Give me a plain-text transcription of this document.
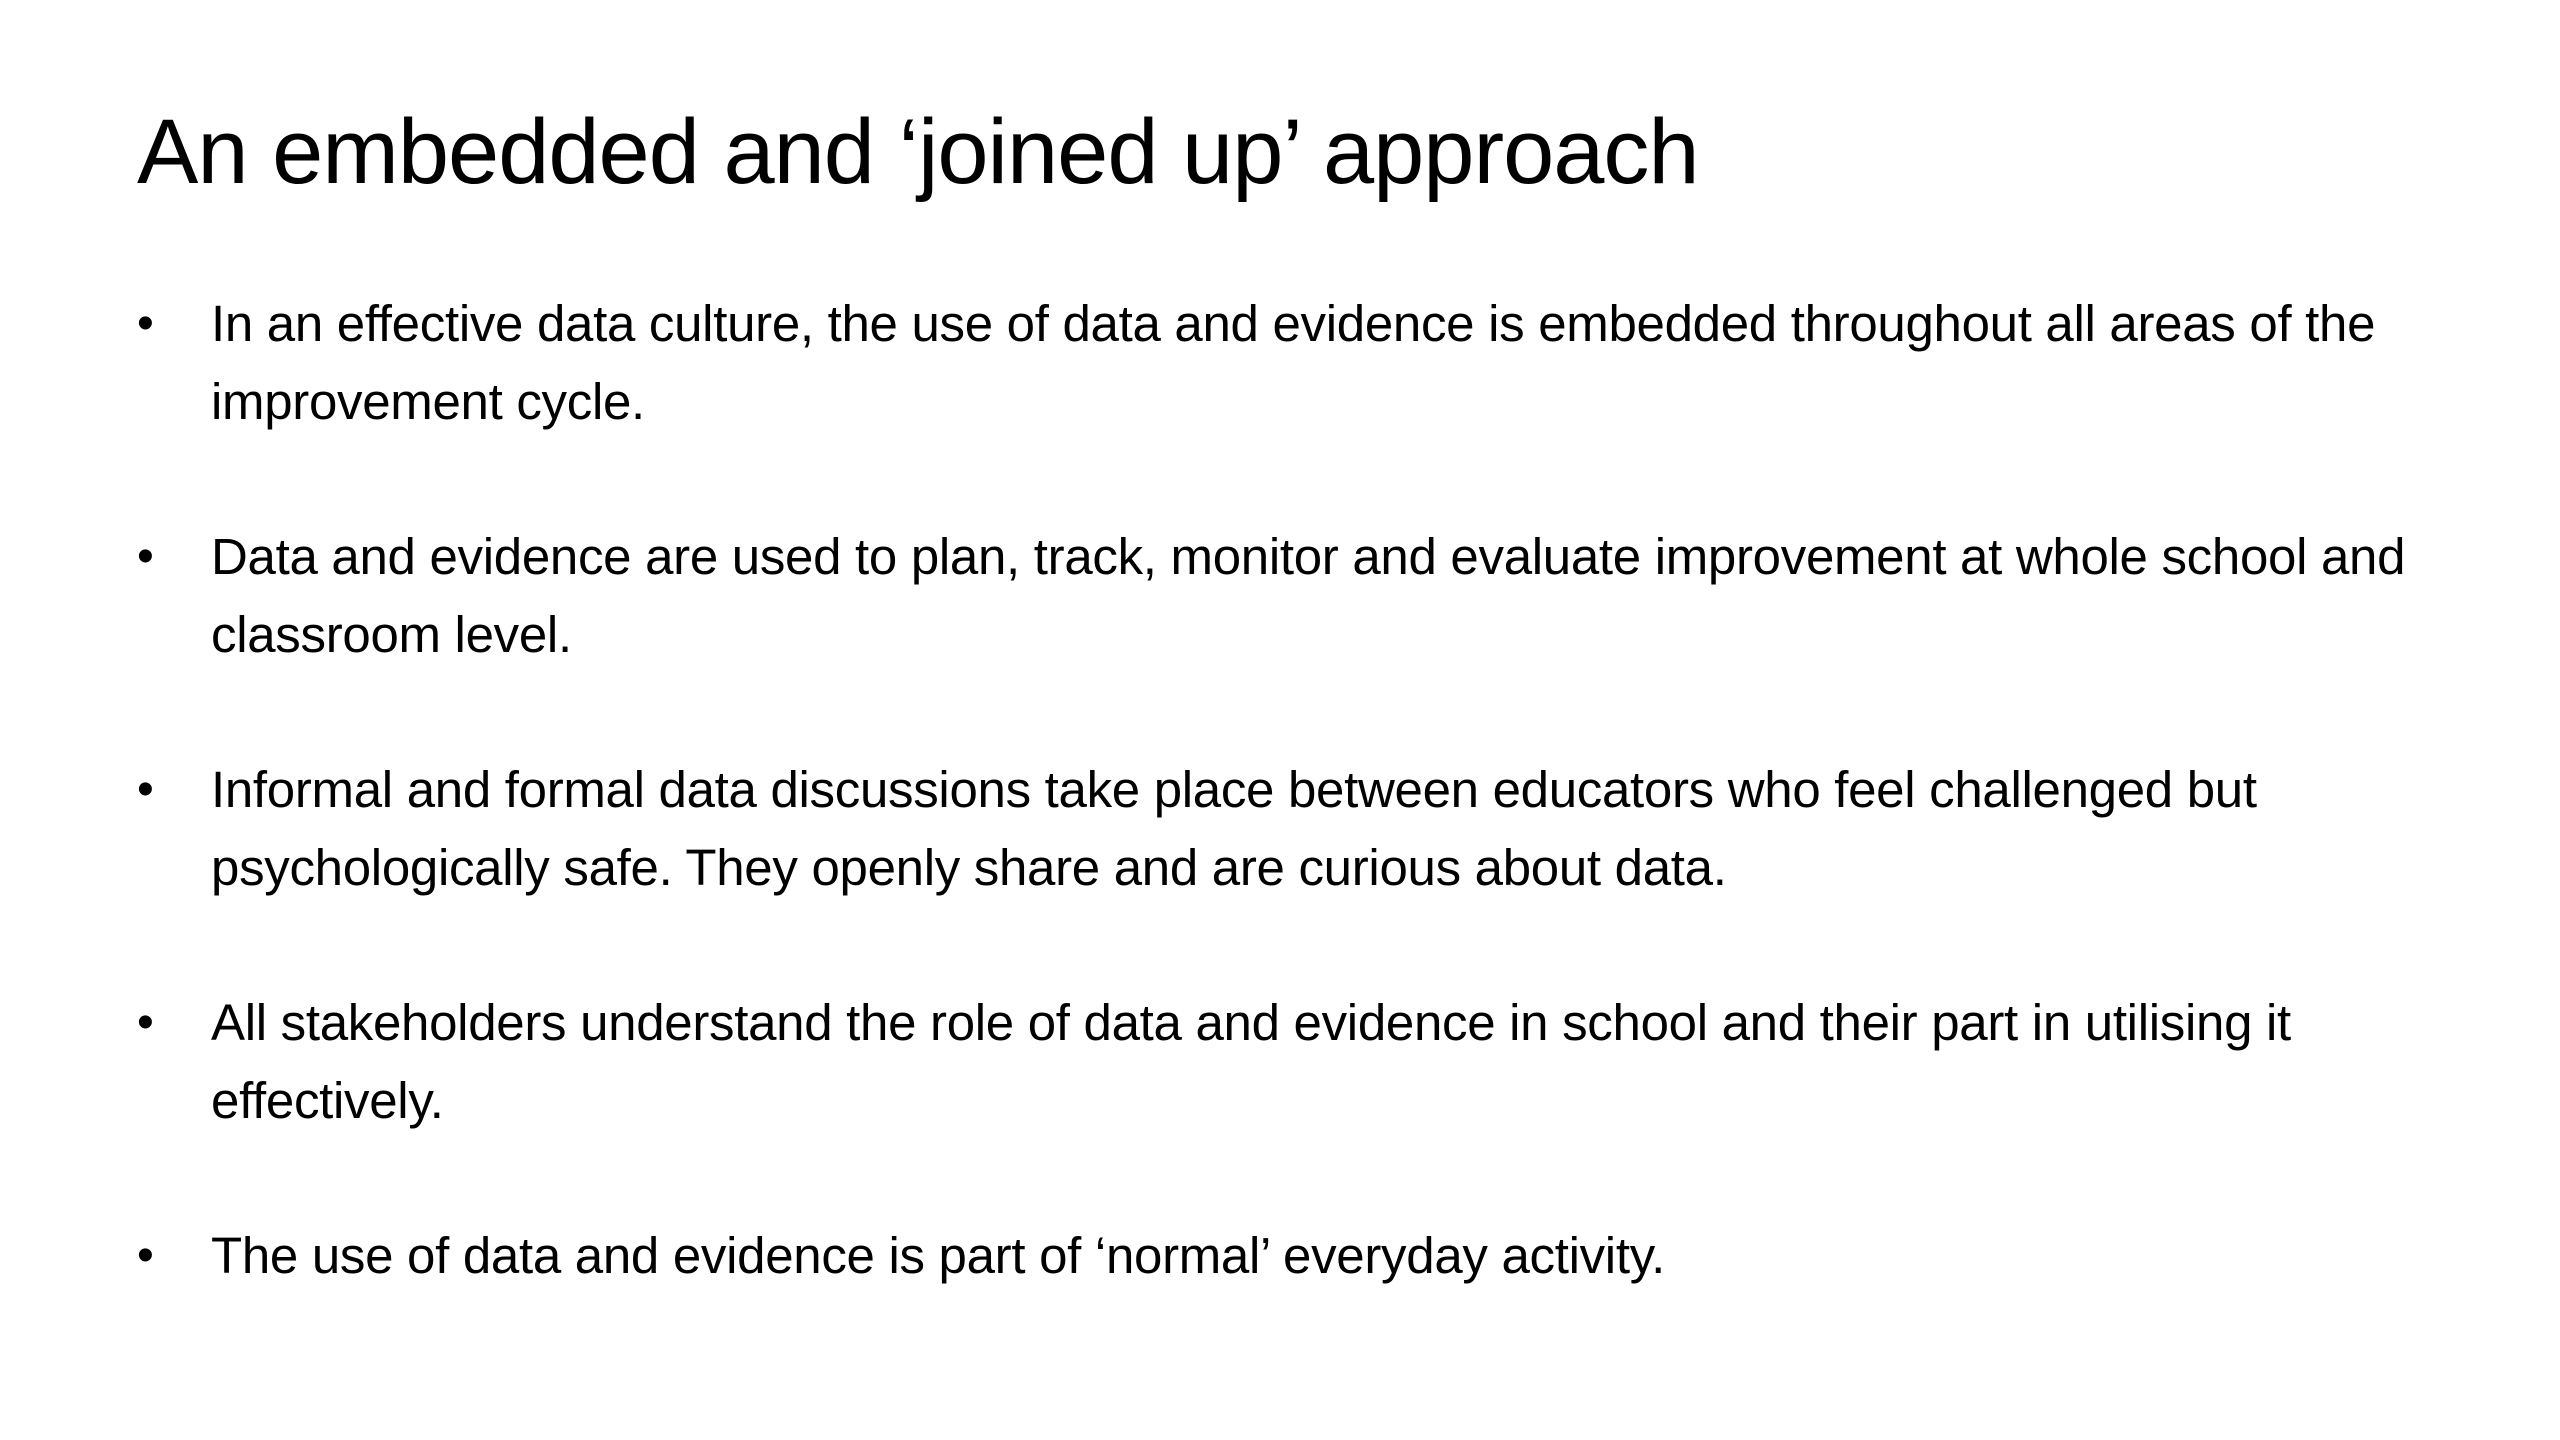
An embedded and ‘joined up’ approach
•	In an effective data culture, the use of data and evidence is embedded throughout all areas of the improvement cycle.
•	Data and evidence are used to plan, track, monitor and evaluate improvement at whole school and classroom level.
•	Informal and formal data discussions take place between educators who feel challenged but psychologically safe. They openly share and are curious about data.
•	All stakeholders understand the role of data and evidence in school and their part in utilising it effectively.
•	The use of data and evidence is part of ‘normal’ everyday activity.
